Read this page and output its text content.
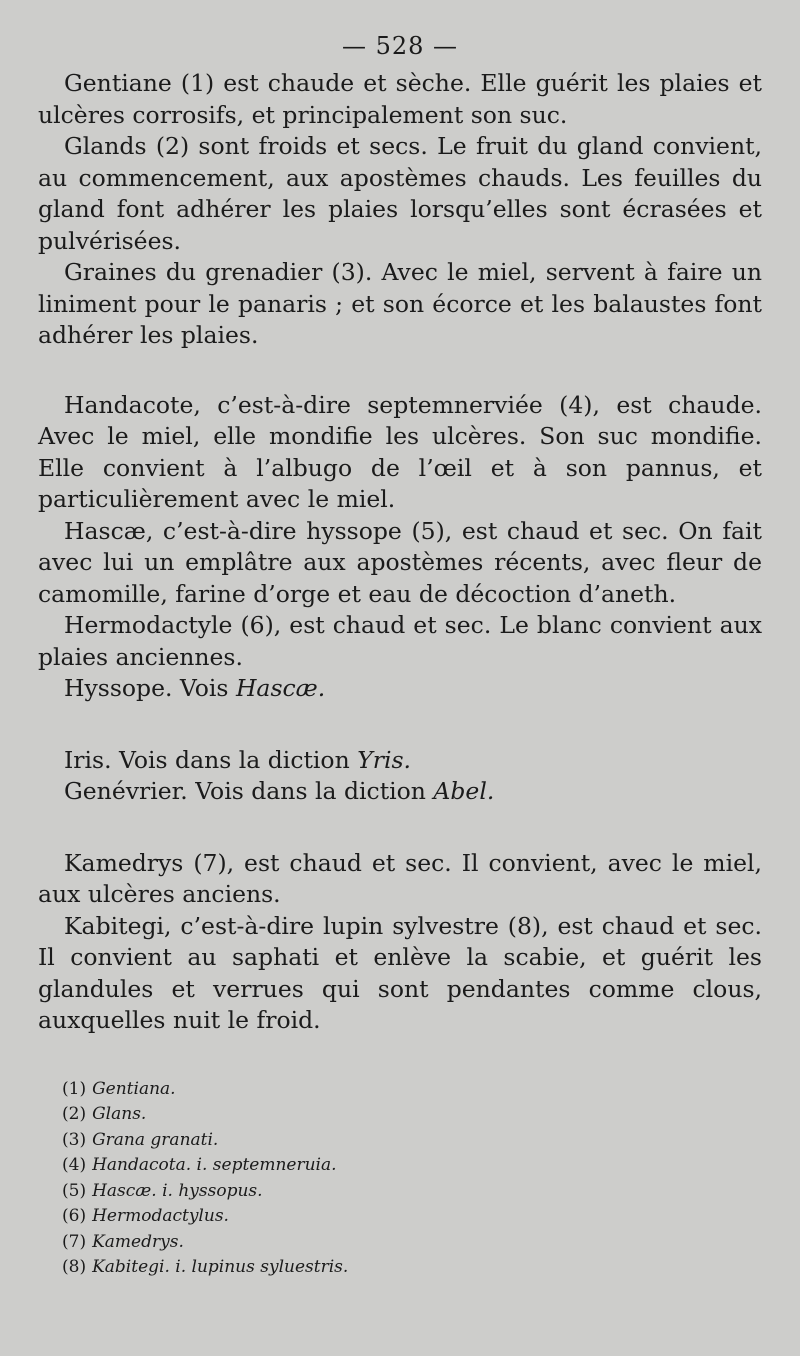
— 528 —

Gentiane (1) est chaude et sèche. Elle guérit les plaies et ulcères corrosifs, et principalement son suc.

Glands (2) sont froids et secs. Le fruit du gland convient, au commencement, aux apostèmes chauds. Les feuilles du gland font adhérer les plaies lorsqu’elles sont écrasées et pulvérisées.

Graines du grenadier (3). Avec le miel, servent à faire un liniment pour le panaris ; et son écorce et les balaustes font adhérer les plaies.

Handacote, c’est-à-dire septemnerviée (4), est chaude. Avec le miel, elle mondifie les ulcères. Son suc mondifie. Elle convient à l’albugo de l’œil et à son pannus, et particulièrement avec le miel.

Hascæ, c’est-à-dire hyssope (5), est chaud et sec. On fait avec lui un emplâtre aux apostèmes récents, avec fleur de camomille, farine d’orge et eau de décoction d’aneth.

Hermodactyle (6), est chaud et sec. Le blanc convient aux plaies anciennes.

Hyssope. Vois Hascæ.

Iris. Vois dans la diction Yris.

Genévrier. Vois dans la diction Abel.

Kamedrys (7), est chaud et sec. Il convient, avec le miel, aux ulcères anciens.

Kabitegi, c’est-à-dire lupin sylvestre (8), est chaud et sec. Il convient au saphati et enlève la scabie, et guérit les glandules et verrues qui sont pendantes comme clous, auxquelles nuit le froid.

(1) Gentiana.
(2) Glans.
(3) Grana granati.
(4) Handacota. i. septemneruia.
(5) Hascæ. i. hyssopus.
(6) Hermodactylus.
(7) Kamedrys.
(8) Kabitegi. i. lupinus syluestris.
